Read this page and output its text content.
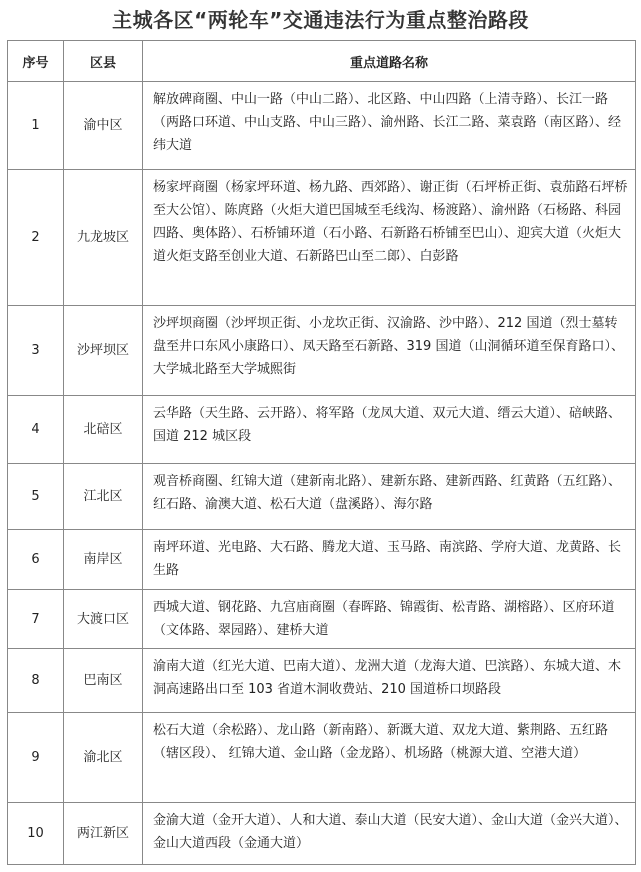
主城各区“两轮车”交通违法行为重点整治路段
序号	区县	重点道路名称
1	渝中区	解放碑商圈、中山一路（中山二路）、北区路、中山四路（上清寺路）、长江一路（两路口环道、中山支路、中山三路）、渝州路、长江二路、菜袁路（南区路）、经纬大道
2	九龙坡区	杨家坪商圈（杨家坪环道、杨九路、西郊路）、谢正街（石坪桥正街、袁茄路石坪桥至大公馆）、陈庹路（火炬大道巴国城至毛线沟、杨渡路）、渝州路（石杨路、科园四路、奥体路）、石桥铺环道（石小路、石新路石桥铺至巴山）、迎宾大道（火炬大道火炬支路至创业大道、石新路巴山至二郎）、白彭路
3	沙坪坝区	沙坪坝商圈（沙坪坝正街、小龙坎正街、汉渝路、沙中路）、212 国道（烈士墓转盘至井口东风小康路口）、凤天路至石新路、319 国道（山洞循环道至保育路口）、大学城北路至大学城熙街
4	北碚区	云华路（天生路、云开路）、将军路（龙凤大道、双元大道、缙云大道）、碚峡路、国道 212 城区段
5	江北区	观音桥商圈、红锦大道（建新南北路）、建新东路、建新西路、红黄路（五红路）、红石路、渝澳大道、松石大道（盘溪路）、海尔路
6	南岸区	南坪环道、光电路、大石路、腾龙大道、玉马路、南滨路、学府大道、龙黄路、长生路
7	大渡口区	西城大道、钢花路、九宫庙商圈（春晖路、锦霞街、松青路、湖榕路）、区府环道（文体路、翠园路）、建桥大道
8	巴南区	渝南大道（红光大道、巴南大道）、龙洲大道（龙海大道、巴滨路）、东城大道、木洞高速路出口至 103 省道木洞收费站、210 国道桥口坝路段
9	渝北区	松石大道（余松路）、龙山路（新南路）、新溉大道、双龙大道、紫荆路、五红路（辖区段）、 红锦大道、金山路（金龙路）、机场路（桃源大道、空港大道）
10	两江新区	金渝大道（金开大道）、人和大道、泰山大道（民安大道）、金山大道（金兴大道）、金山大道西段（金通大道）
